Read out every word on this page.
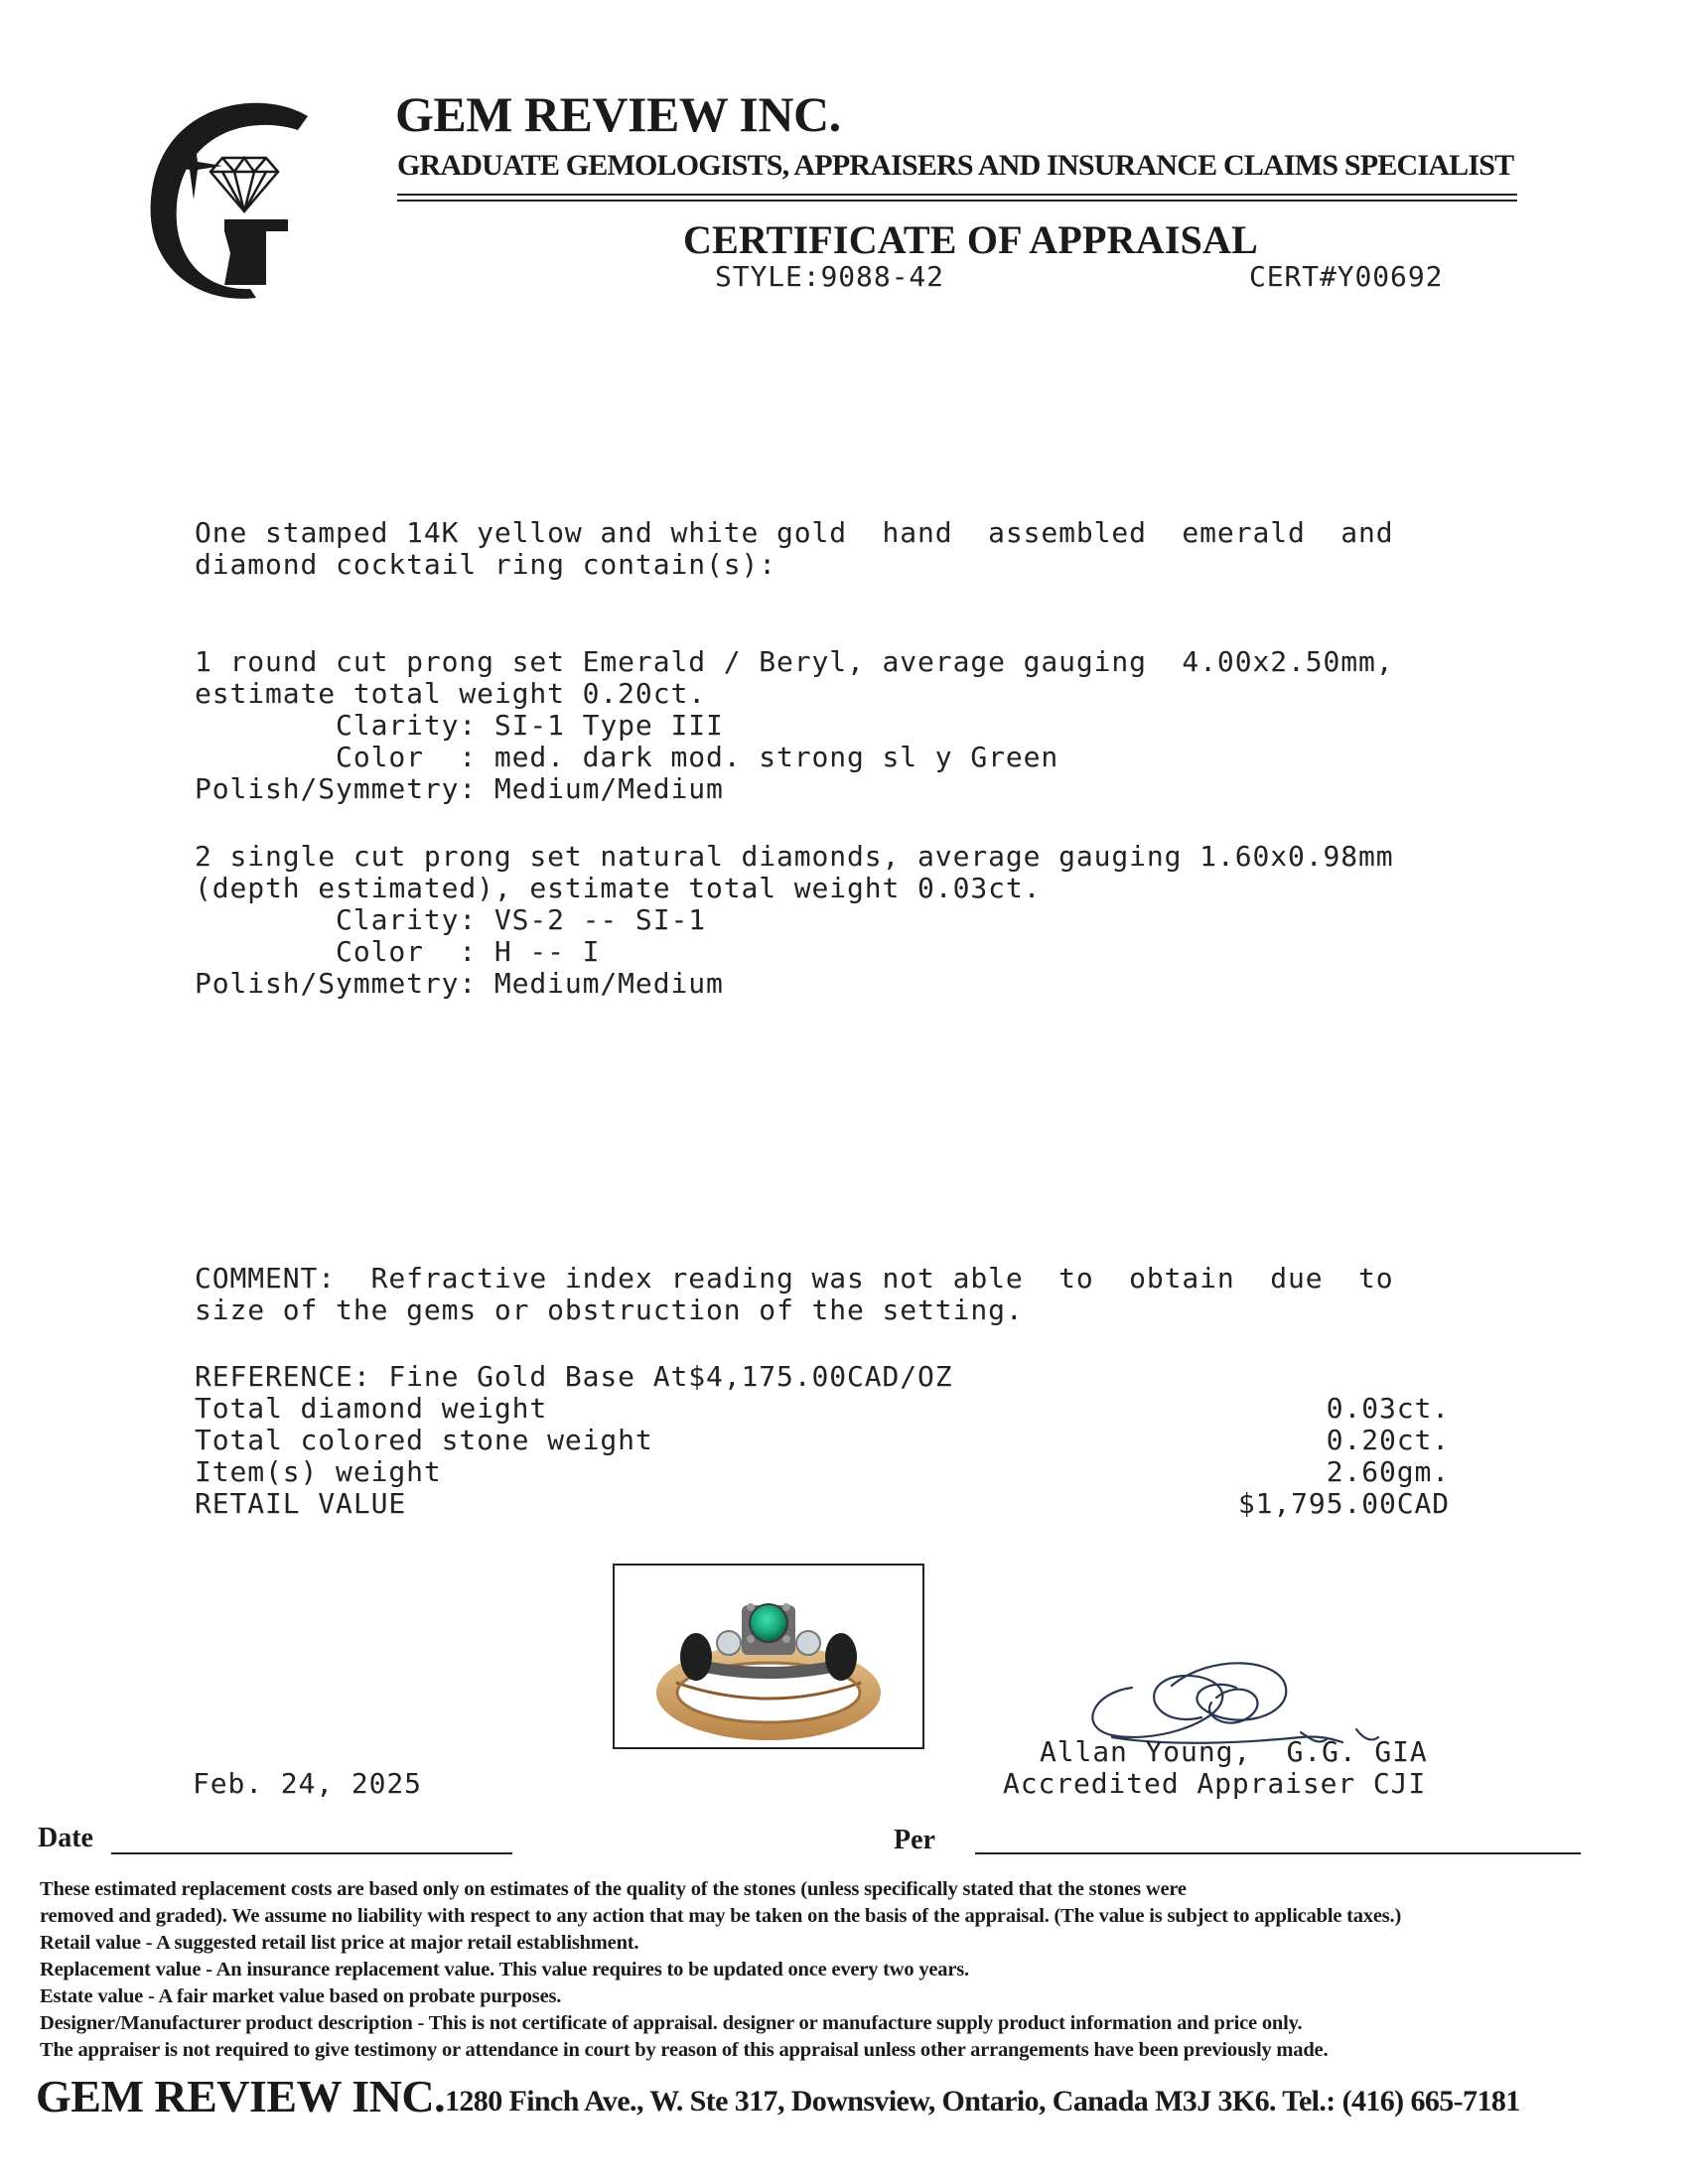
GEM REVIEW INC.
GRADUATE GEMOLOGISTS, APPRAISERS AND INSURANCE CLAIMS SPECIALIST
CERTIFICATE OF APPRAISAL
STYLE:9088-42	CERT#Y00692
One stamped 14K yellow and white gold  hand  assembled  emerald  and
diamond cocktail ring contain(s):
1 round cut prong set Emerald / Beryl, average gauging  4.00x2.50mm,
estimate total weight 0.20ct.
Clarity: SI-1 Type III
Color  : med. dark mod. strong sl y Green
Polish/Symmetry: Medium/Medium
2 single cut prong set natural diamonds, average gauging 1.60x0.98mm
(depth estimated), estimate total weight 0.03ct.
Clarity: VS-2 -- SI-1
Color  : H -- I
Polish/Symmetry: Medium/Medium
COMMENT:  Refractive index reading was not able  to  obtain  due  to
size of the gems or obstruction of the setting.
REFERENCE: Fine Gold Base At$4,175.00CAD/OZ
Total diamond weight	0.03ct.
Total colored stone weight	0.20ct.
Item(s) weight	2.60gm.
RETAIL VALUE	$1,795.00CAD
Feb. 24, 2025
Allan Young,  G.G. GIA
Accredited Appraiser CJI
Date	Per
These estimated replacement costs are based only on estimates of the quality of the stones (unless specifically stated that the stones were
removed and graded). We assume no liability with respect to any action that may be taken on the basis of the appraisal. (The value is subject to applicable taxes.)
Retail value - A suggested retail list price at major retail establishment.
Replacement value - An insurance replacement value. This value requires to be updated once every two years.
Estate value - A fair market value based on probate purposes.
Designer/Manufacturer product description - This is not certificate of appraisal. designer or manufacture supply product information and price only.
The appraiser is not required to give testimony or attendance in court by reason of this appraisal unless other arrangements have been previously made.
GEM REVIEW INC. 1280 Finch Ave., W. Ste 317, Downsview, Ontario, Canada M3J 3K6. Tel.: (416) 665-7181
